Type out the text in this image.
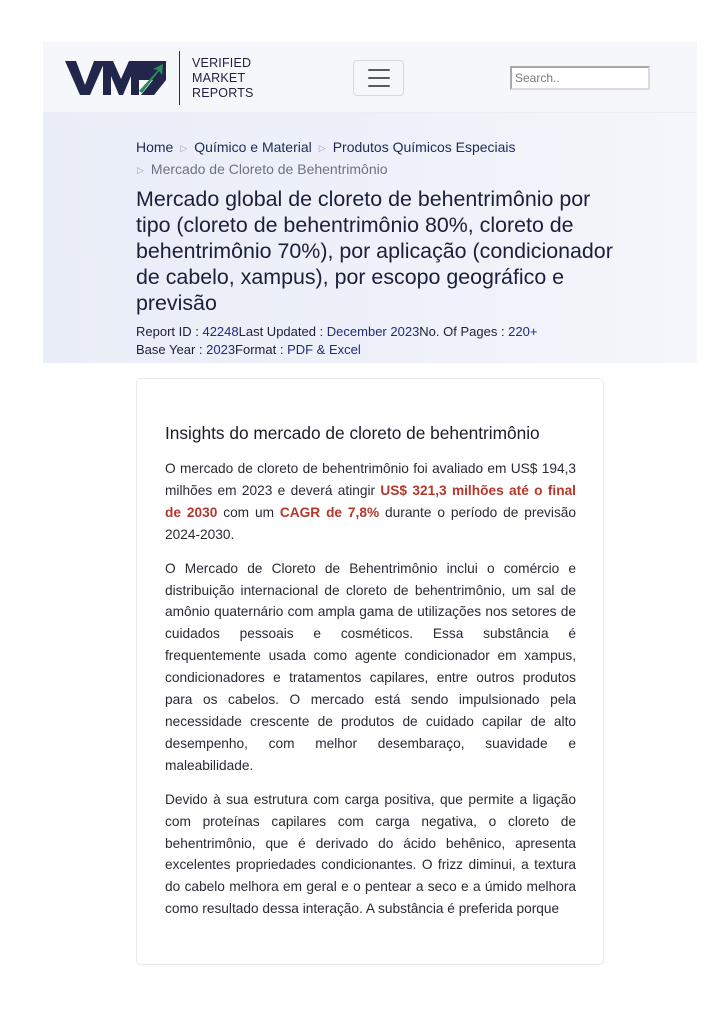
VERIFIED
MARKET
REPORTS
Search..
Home ▷ Químico e Material ▷ Produtos Químicos Especiais
▷ Mercado de Cloreto de Behentrimônio
Mercado global de cloreto de behentrimônio por tipo (cloreto de behentrimônio 80%, cloreto de behentrimônio 70%), por aplicação (condicionador de cabelo, xampus), por escopo geográfico e previsão
Report ID : 42248Last Updated : December 2023No. Of Pages : 220+
Base Year : 2023Format : PDF & Excel
Insights do mercado de cloreto de behentrimônio

O mercado de cloreto de behentrimônio foi avaliado em US$ 194,3 milhões em 2023 e deverá atingir US$ 321,3 milhões até o final de 2030 com um CAGR de 7,8% durante o período de previsão 2024-2030.

O Mercado de Cloreto de Behentrimônio inclui o comércio e distribuição internacional de cloreto de behentrimônio, um sal de amônio quaternário com ampla gama de utilizações nos setores de cuidados pessoais e cosméticos. Essa substância é frequentemente usada como agente condicionador em xampus, condicionadores e tratamentos capilares, entre outros produtos para os cabelos. O mercado está sendo impulsionado pela necessidade crescente de produtos de cuidado capilar de alto desempenho, com melhor desembaraço, suavidade e maleabilidade.

Devido à sua estrutura com carga positiva, que permite a ligação com proteínas capilares com carga negativa, o cloreto de behentrimônio, que é derivado do ácido behênico, apresenta excelentes propriedades condicionantes. O frizz diminui, a textura do cabelo melhora em geral e o pentear a seco e a úmido melhora como resultado dessa interação. A substância é preferida porque
